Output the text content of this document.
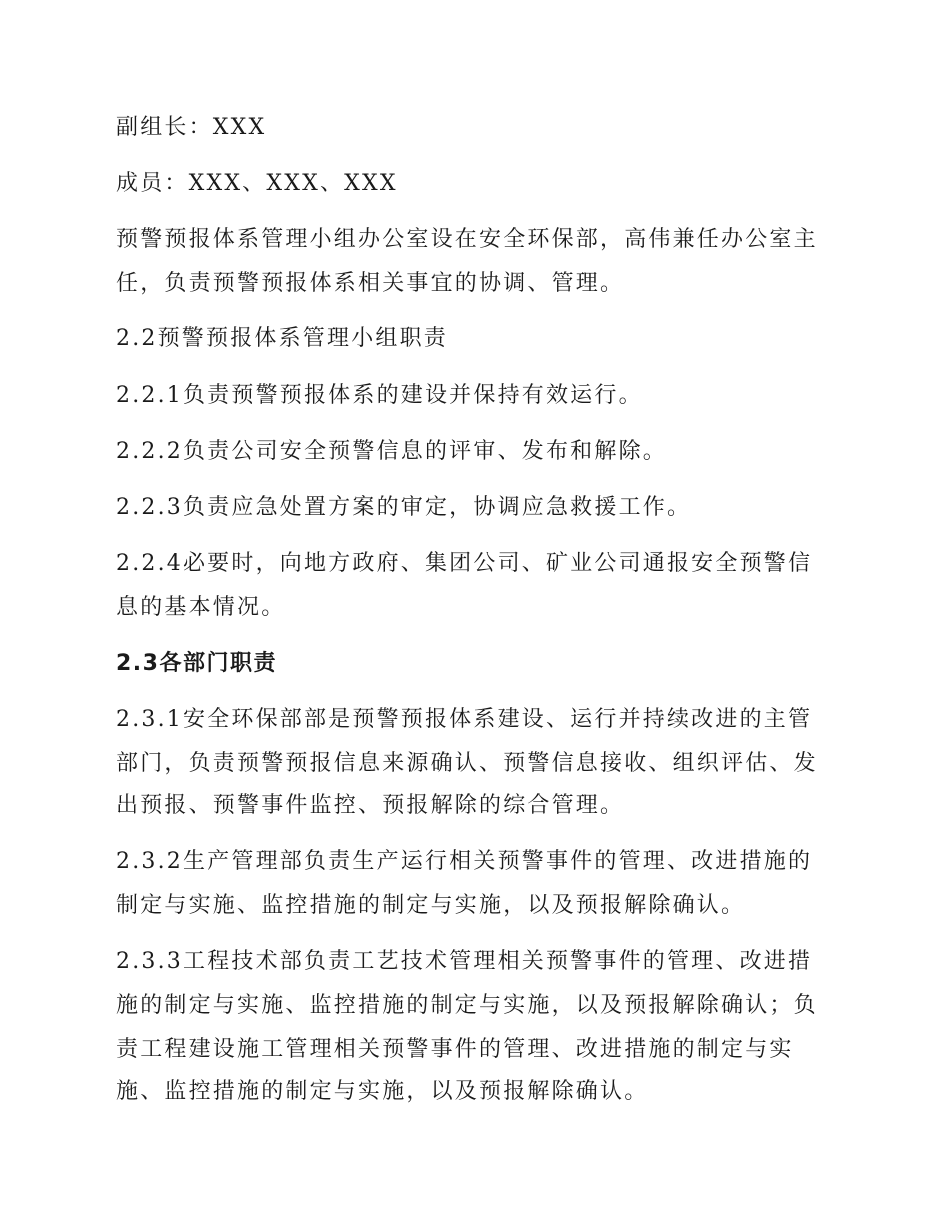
副组长：XXX
成员：XXX、XXX、XXX
预警预报体系管理小组办公室设在安全环保部，高伟兼任办公室主
任，负责预警预报体系相关事宜的协调、管理。
2.2预警预报体系管理小组职责
2.2.1负责预警预报体系的建设并保持有效运行。
2.2.2负责公司安全预警信息的评审、发布和解除。
2.2.3负责应急处置方案的审定，协调应急救援工作。
2.2.4必要时，向地方政府、集团公司、矿业公司通报安全预警信
息的基本情况。
2.3各部门职责
2.3.1安全环保部部是预警预报体系建设、运行并持续改进的主管
部门，负责预警预报信息来源确认、预警信息接收、组织评估、发
出预报、预警事件监控、预报解除的综合管理。
2.3.2生产管理部负责生产运行相关预警事件的管理、改进措施的
制定与实施、监控措施的制定与实施，以及预报解除确认。
2.3.3工程技术部负责工艺技术管理相关预警事件的管理、改进措
施的制定与实施、监控措施的制定与实施，以及预报解除确认；负
责工程建设施工管理相关预警事件的管理、改进措施的制定与实
施、监控措施的制定与实施，以及预报解除确认。
